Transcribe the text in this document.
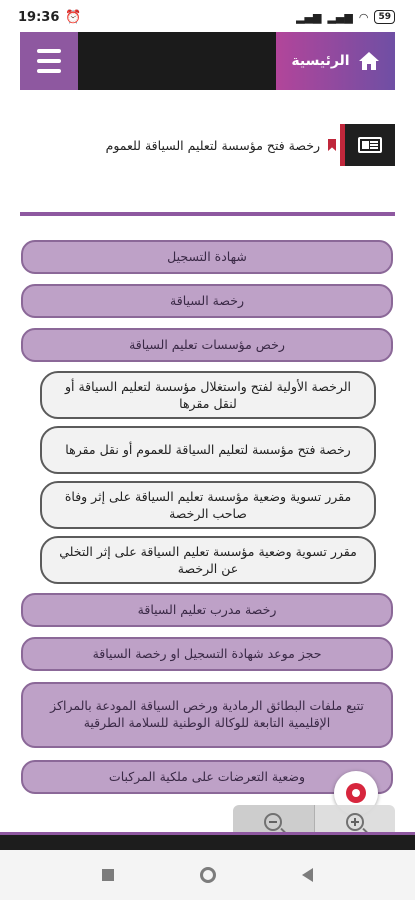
19:36 ⏰	▂▄▆ ▂▄▆ ◠	59
الرئيسية
رخصة فتح مؤسسة لتعليم السياقة للعموم
شهادة التسجيل
رخصة السياقة
رخص مؤسسات تعليم السياقة
الرخصة الأولية لفتح واستغلال مؤسسة لتعليم السياقة أو لنقل مقرها
رخصة فتح مؤسسة لتعليم السياقة للعموم أو نقل مقرها
مقرر تسوية وضعية مؤسسة تعليم السياقة على إثر وفاة صاحب الرخصة
مقرر تسوية وضعية مؤسسة تعليم السياقة على إثر التخلي عن الرخصة
رخصة مدرب تعليم السياقة
حجز موعد شهادة التسجيل او رخصة السياقة
تتبع ملفات البطائق الرمادية ورخص السياقة المودعة بالمراكز الإقليمية التابعة للوكالة الوطنية للسلامة الطرقية
وضعية التعرضات على ملكية المركبات
